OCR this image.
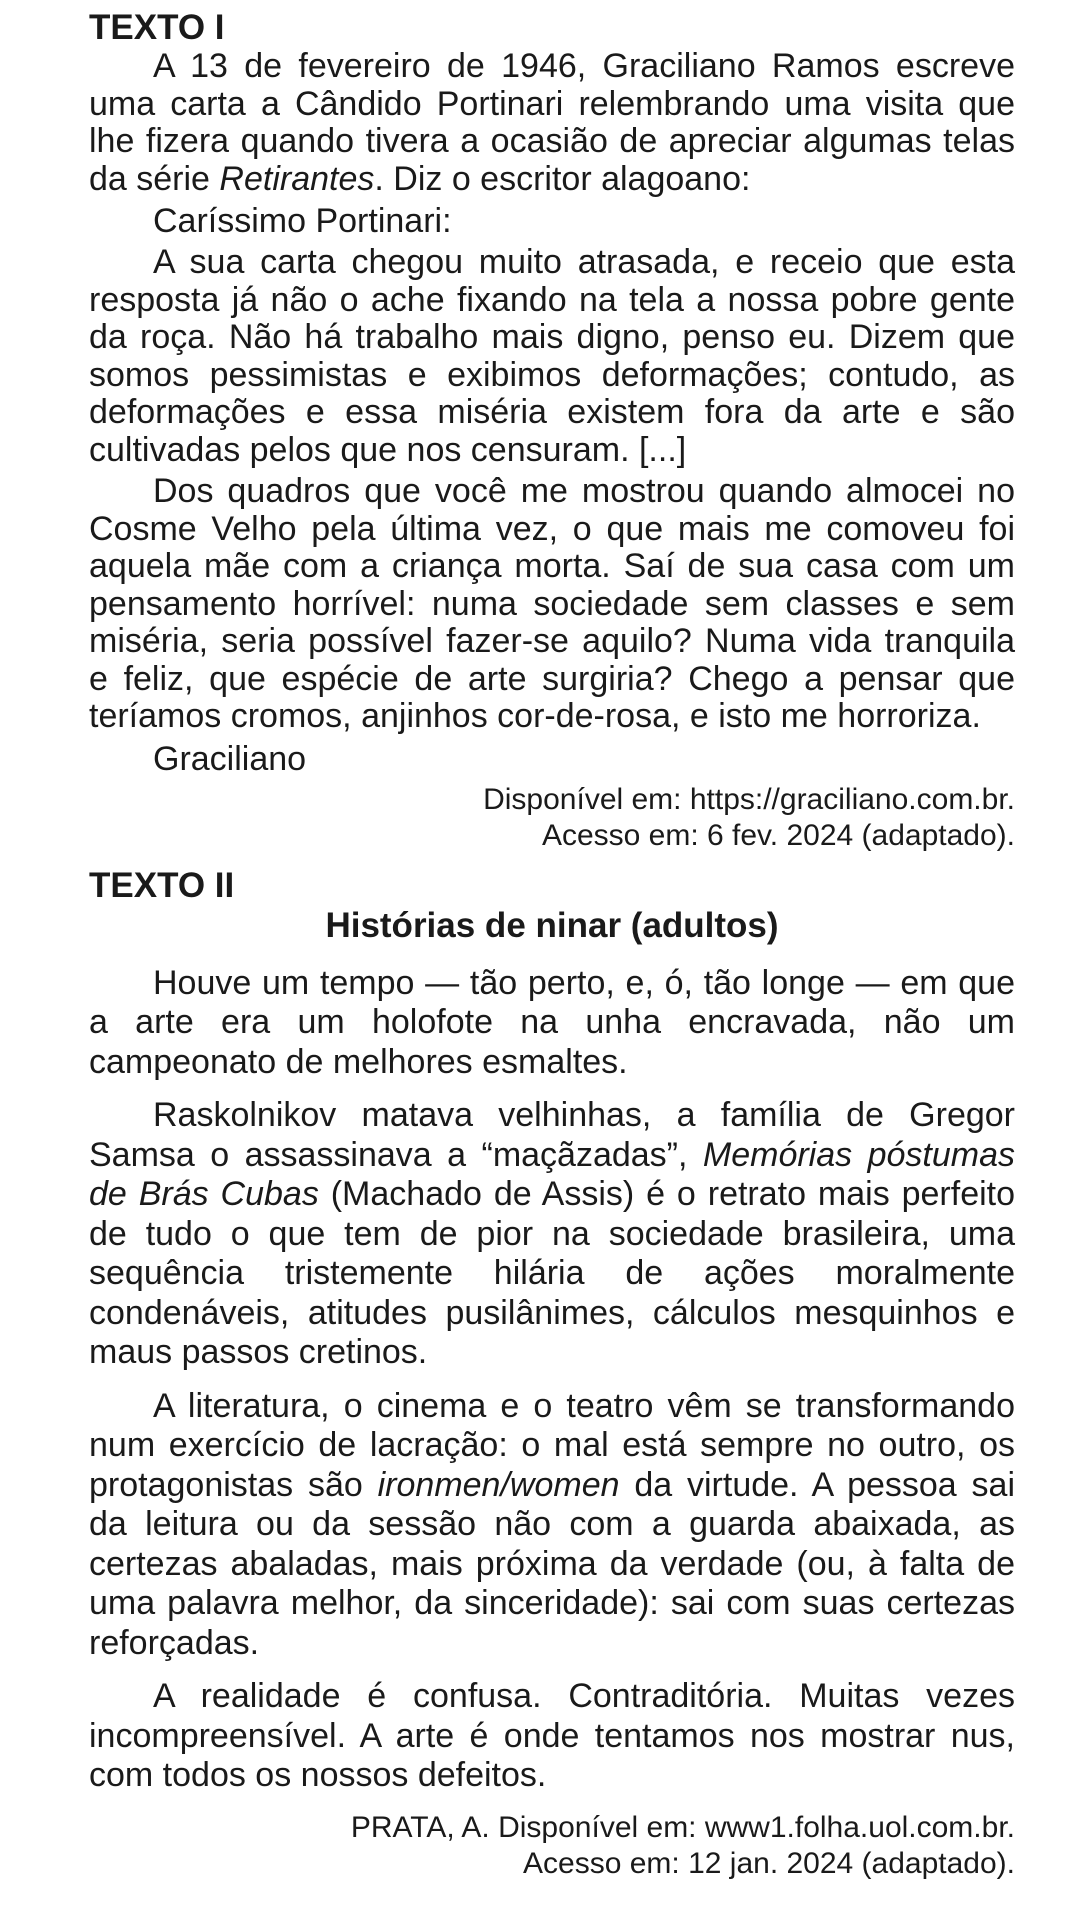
TEXTO I

A 13 de fevereiro de 1946, Graciliano Ramos escreve uma carta a Cândido Portinari relembrando uma visita que lhe fizera quando tivera a ocasião de apreciar algumas telas da série Retirantes. Diz o escritor alagoano:

Caríssimo Portinari:

A sua carta chegou muito atrasada, e receio que esta resposta já não o ache fixando na tela a nossa pobre gente da roça. Não há trabalho mais digno, penso eu. Dizem que somos pessimistas e exibimos deformações; contudo, as deformações e essa miséria existem fora da arte e são cultivadas pelos que nos censuram. [...]

Dos quadros que você me mostrou quando almocei no Cosme Velho pela última vez, o que mais me comoveu foi aquela mãe com a criança morta. Saí de sua casa com um pensamento horrível: numa sociedade sem classes e sem miséria, seria possível fazer-se aquilo? Numa vida tranquila e feliz, que espécie de arte surgiria? Chego a pensar que teríamos cromos, anjinhos cor-de-rosa, e isto me horroriza.

Graciliano

Disponível em: https://graciliano.com.br.
Acesso em: 6 fev. 2024 (adaptado).

TEXTO II
Histórias de ninar (adultos)

Houve um tempo — tão perto, e, ó, tão longe — em que a arte era um holofote na unha encravada, não um campeonato de melhores esmaltes.

Raskolnikov matava velhinhas, a família de Gregor Samsa o assassinava a “maçãzadas”, Memórias póstumas de Brás Cubas (Machado de Assis) é o retrato mais perfeito de tudo o que tem de pior na sociedade brasileira, uma sequência tristemente hilária de ações moralmente condenáveis, atitudes pusilânimes, cálculos mesquinhos e maus passos cretinos.

A literatura, o cinema e o teatro vêm se transformando num exercício de lacração: o mal está sempre no outro, os protagonistas são ironmen/women da virtude. A pessoa sai da leitura ou da sessão não com a guarda abaixada, as certezas abaladas, mais próxima da verdade (ou, à falta de uma palavra melhor, da sinceridade): sai com suas certezas reforçadas.

A realidade é confusa. Contraditória. Muitas vezes incompreensível. A arte é onde tentamos nos mostrar nus, com todos os nossos defeitos.

PRATA, A. Disponível em: www1.folha.uol.com.br.
Acesso em: 12 jan. 2024 (adaptado).
